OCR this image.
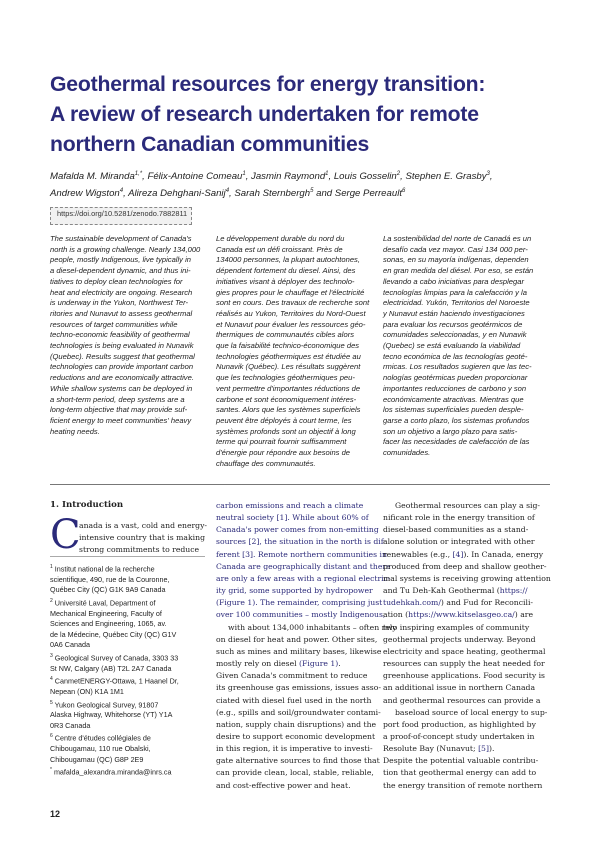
Geothermal resources for energy transition:
A review of research undertaken for remote
northern Canadian communities
Mafalda M. Miranda$^{1,*}$, Félix-Antoine Comeau$^1$, Jasmin Raymond$^1$, Louis Gosselin$^2$, Stephen E. Grasby$^3$,
Andrew Wigston$^4$, Alireza Dehghani-Sanij$^4$, Sarah Sternbergh$^5$ and Serge Perreault$^6$
https://doi.org/10.5281/zenodo.7882811
The sustainable development of Canada's
north is a growing challenge. Nearly 134,000
people, mostly Indigenous, live typically in
a diesel-dependent dynamic, and thus ini-
tiatives to deploy clean technologies for
heat and electricity are ongoing. Research
is underway in the Yukon, Northwest Ter-
ritories and Nunavut to assess geothermal
resources of target communities while
techno-economic feasibility of geothermal
technologies is being evaluated in Nunavik
(Quebec). Results suggest that geothermal
technologies can provide important carbon
reductions and are economically attractive.
While shallow systems can be deployed in
a short-term period, deep systems are a
long-term objective that may provide suf-
ficient energy to meet communities' heavy
heating needs.
Le développement durable du nord du
Canada est un défi croissant. Près de
134000 personnes, la plupart autochtones,
dépendent fortement du diesel. Ainsi, des
initiatives visant à déployer des technolo-
gies propres pour le chauffage et l'électricité
sont en cours. Des travaux de recherche sont
réalisés au Yukon, Territoires du Nord-Ouest
et Nunavut pour évaluer les ressources géo-
thermiques de communautés cibles alors
que la faisabilité technico-économique des
technologies géothermiques est étudiée au
Nunavik (Québec). Les résultats suggèrent
que les technologies géothermiques peu-
vent permettre d'importantes réductions de
carbone et sont économiquement intéres-
santes. Alors que les systèmes superficiels
peuvent être déployés à court terme, les
systèmes profonds sont un objectif à long
terme qui pourrait fournir suffisamment
d'énergie pour répondre aux besoins de
chauffage des communautés.
La sostenibilidad del norte de Canadá es un
desafío cada vez mayor. Casi 134 000 per-
sonas, en su mayoría indígenas, dependen
en gran medida del diésel. Por eso, se están
llevando a cabo iniciativas para desplegar
tecnologías limpias para la calefacción y la
electricidad. Yukón, Territorios del Noroeste
y Nunavut están haciendo investigaciones
para evaluar los recursos geotérmicos de
comunidades seleccionadas, y en Nunavik
(Quebec) se está evaluando la viabilidad
tecno económica de las tecnologías geoté-
rmicas. Los resultados sugieren que las tec-
nologías geotérmicas pueden proporcionar
importantes reducciones de carbono y son
económicamente atractivas. Mientras que
los sistemas superficiales pueden desple-
garse a corto plazo, los sistemas profundos
son un objetivo a largo plazo para satis-
facer las necesidades de calefacción de las
comunidades.
1. Introduction
C
anada is a vast, cold and energy-
intensive country that is making
strong commitments to reduce
$^1$ Institut national de la recherche
scientifique, 490, rue de la Couronne,
Québec City (QC) G1K 9A9 Canada
$^2$ Université Laval, Department of
Mechanical Engineering, Faculty of
Sciences and Engineering, 1065, av.
de la Médecine, Québec City (QC) G1V
0A6 Canada
$^3$ Geological Survey of Canada, 3303 33
St NW, Calgary (AB) T2L 2A7 Canada
$^4$ CanmetENERGY-Ottawa, 1 Haanel Dr,
Nepean (ON) K1A 1M1
$^5$ Yukon Geological Survey, 91807
Alaska Highway, Whitehorse (YT) Y1A
0R3 Canada
$^6$ Centre d'études collégiales de
Chibougamau, 110 rue Obalski,
Chibougamau (QC) G8P 2E9
* mafalda_alexandra.miranda@inrs.ca
carbon emissions and reach a climate
neutral society [1]. While about 60% of
Canada's power comes from non-emitting
sources [2], the situation in the north is dif-
ferent [3]. Remote northern communities in
Canada are geographically distant and there
are only a few areas with a regional electric-
ity grid, some supported by hydropower
(Figure 1). The remainder, comprising just
over 100 communities – mostly Indigenous,
with about 134,000 inhabitants – often rely
on diesel for heat and power. Other sites,
such as mines and military bases, likewise
mostly rely on diesel (Figure 1).
Given Canada's commitment to reduce
its greenhouse gas emissions, issues asso-
ciated with diesel fuel used in the north
(e.g., spills and soil/groundwater contami-
nation, supply chain disruptions) and the
desire to support economic development
in this region, it is imperative to investi-
gate alternative sources to find those that
can provide clean, local, stable, reliable,
and cost-effective power and heat.
Geothermal resources can play a sig-
nificant role in the energy transition of
diesel-based communities as a stand-
alone solution or integrated with other
renewables (e.g., [4]). In Canada, energy
produced from deep and shallow geother-
mal systems is receiving growing attention
and Tu Deh-Kah Geothermal (https://
tudehkah.com/) and Fud for Reconcili-
ation (https://www.kitselasgeo.ca/) are
two inspiring examples of community
geothermal projects underway. Beyond
electricity and space heating, geothermal
resources can supply the heat needed for
greenhouse applications. Food security is
an additional issue in northern Canada
and geothermal resources can provide a
baseload source of local energy to sup-
port food production, as highlighted by
a proof-of-concept study undertaken in
Resolute Bay (Nunavut; [5]).
Despite the potential valuable contribu-
tion that geothermal energy can add to
the energy transition of remote northern
12
